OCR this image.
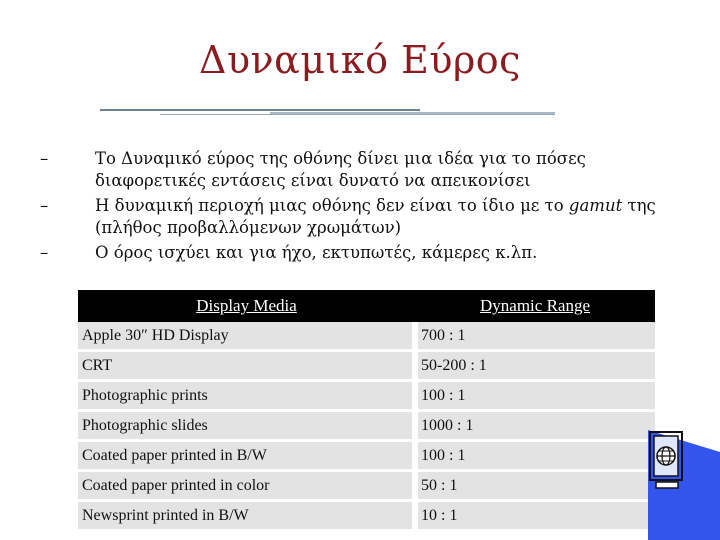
Δυναμικό Εύρος
–	Το Δυναμικό εύρος της οθόνης δίνει μια ιδέα για το πόσες διαφορετικές εντάσεις είναι δυνατό να απεικονίσει
–	Η δυναμική περιοχή μιας οθόνης δεν είναι το ίδιο με το gamut της (πλήθος προβαλλόμενων χρωμάτων)
–	Ο όρος ισχύει και για ήχο, εκτυπωτές, κάμερες κ.λπ.
Display Media	Dynamic Range
Apple 30″ HD Display	700 : 1
CRT	50-200 : 1
Photographic prints	100 : 1
Photographic slides	1000 : 1
Coated paper printed in B/W	100 : 1
Coated paper printed in color	50 : 1
Newsprint printed in B/W	10 : 1
